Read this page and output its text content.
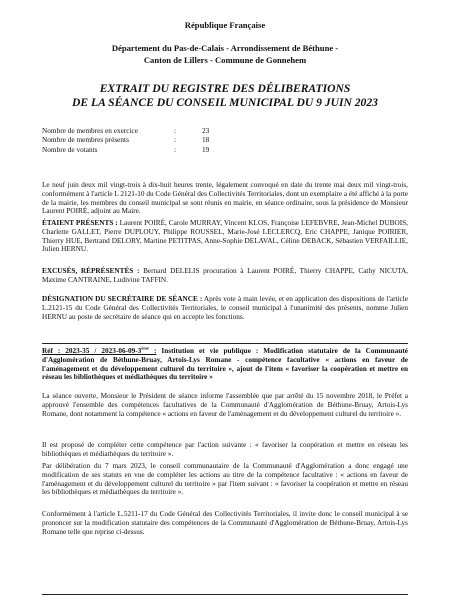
République Française

Département du Pas-de-Calais - Arrondissement de Béthune -
Canton de Lillers - Commune de Gonnehem
EXTRAIT DU REGISTRE DES DÉLIBERATIONS
DE LA SÉANCE DU CONSEIL MUNICIPAL DU 9 JUIN 2023
Nombre de membres en exercice	:	23
Nombre de membres présents	:	18
Nombre de votants	:	19

Le neuf juin deux mil vingt-trois à dix-huit heures trente, légalement convoqué en date du trente mai deux mil vingt-trois, conformément à l'article L 2121-10 du Code Général des Collectivités Territoriales, dont un exemplaire a été affiché à la porte de la mairie, les membres du conseil municipal se sont réunis en mairie, en séance ordinaire, sous la présidence de Monsieur Laurent POIRÉ, adjoint au Maire.

ÉTAIENT PRÉSENTS : Laurent POIRÉ, Carole MURRAY, Vincent KLOS, Françoise LEFEBVRE, Jean-Michel DUBOIS, Charlette GALLET, Pierre DUPLOUY, Philippe ROUSSEL, Marie-José LECLERCQ, Eric CHAPPE, Janique POIRIER, Thierry HUE, Bertrand DELORY, Martine PETITPAS, Anne-Sophie DELAVAL, Céline DEBACK, Sébastien VERFAILLIE, Julien HERNU.

EXCUSÉS, RÉPRÉSENTÉS : Bernard DELELIS procuration à Laurent POIRÉ, Thierry CHAPPE, Cathy NICUTA, Maxime CANTRAINE, Ludivine TAFFIN.

DÉSIGNATION DU SECRÉTAIRE DE SÉANCE : Après vote à main levée, et en application des dispositions de l'article L.2121-15 du Code Général des Collectivités Territoriales, le conseil municipal à l'unanimité des présents, nomme Julien HERNU au poste de secrétaire de séance qui en accepte les fonctions.

Réf : 2023-35 / 2023-06-09-3ème : Institution et vie publique : Modification statutaire de la Communauté d'Agglomération de Béthune-Bruay, Artois-Lys Romane - compétence facultative « actions en faveur de l'aménagement et du développement culturel du territoire », ajout de l'item « favoriser la coopération et mettre en réseau les bibliothèques et médiathèques du territoire »

La séance ouverte, Monsieur le Président de séance informe l'assemblée que par arrêté du 15 novembre 2018, le Préfet a approuvé l'ensemble des compétences facultatives de la Communauté d'Agglomération de Béthune-Bruay, Artois-Lys Romane, dont notamment la compétence « actions en faveur de l'aménagement et du développement culturel du territoire ».

Il est proposé de compléter cette compétence par l'action suivante : « favoriser la coopération et mettre en réseau les bibliothèques et médiathèques du territoire ».

Par délibération du 7 mars 2023, le conseil communautaire de la Communauté d'Agglomération a donc engagé une modification de ses statuts en vue de compléter les actions au titre de la compétence facultative : « actions en faveur de l'aménagement et du développement culturel du territoire » par l'item suivant : « favoriser la coopération et mettre en réseau les bibliothèques et médiathèques du territoire ».

Conformément à l'article L.5211-17 du Code Général des Collectivités Territoriales, il invite donc le conseil municipal à se prononcer sur la modification statutaire des compétences de la Communauté d'Agglomération de Béthune-Bruay, Artois-Lys Romane telle que reprise ci-dessus.
